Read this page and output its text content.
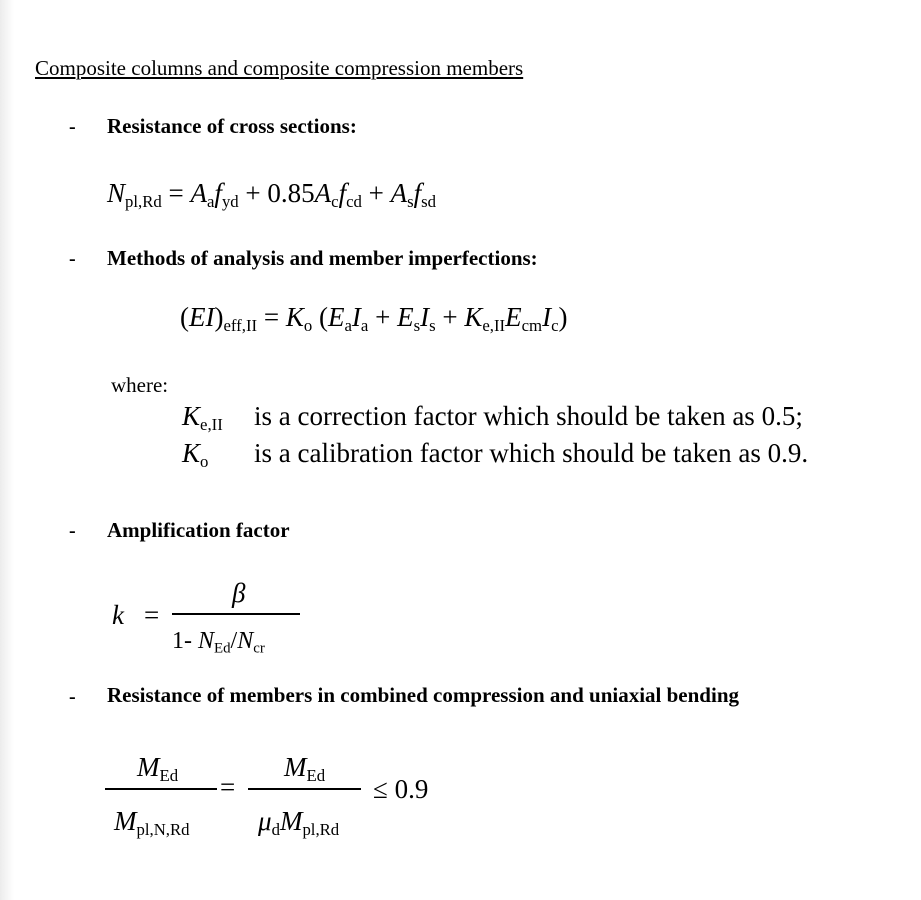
Composite columns and composite compression members
- Resistance of cross sections:
$N_{pl,Rd} = A_af_{yd} + 0.85A_cf_{cd} + A_sf_{sd}$
- Methods of analysis and member imperfections:
$(EI)_{eff,II} = K_o$ $(E_aI_a + E_sI_s + K_{e,II}E_{cm}I_c)$
where:
$K_{e,II}$ is a correction factor which should be taken as 0.5;
$K_o$ is a calibration factor which should be taken as 0.9.
- Amplification factor
k =
β
1- $N_{Ed}/N_{cr}$
- Resistance of members in combined compression and uniaxial bending
$M_{Ed}$
$M_{pl,N,Rd}$
=
$M_{Ed}$
$\mu_dM_{pl,Rd}$
≤ 0.9
